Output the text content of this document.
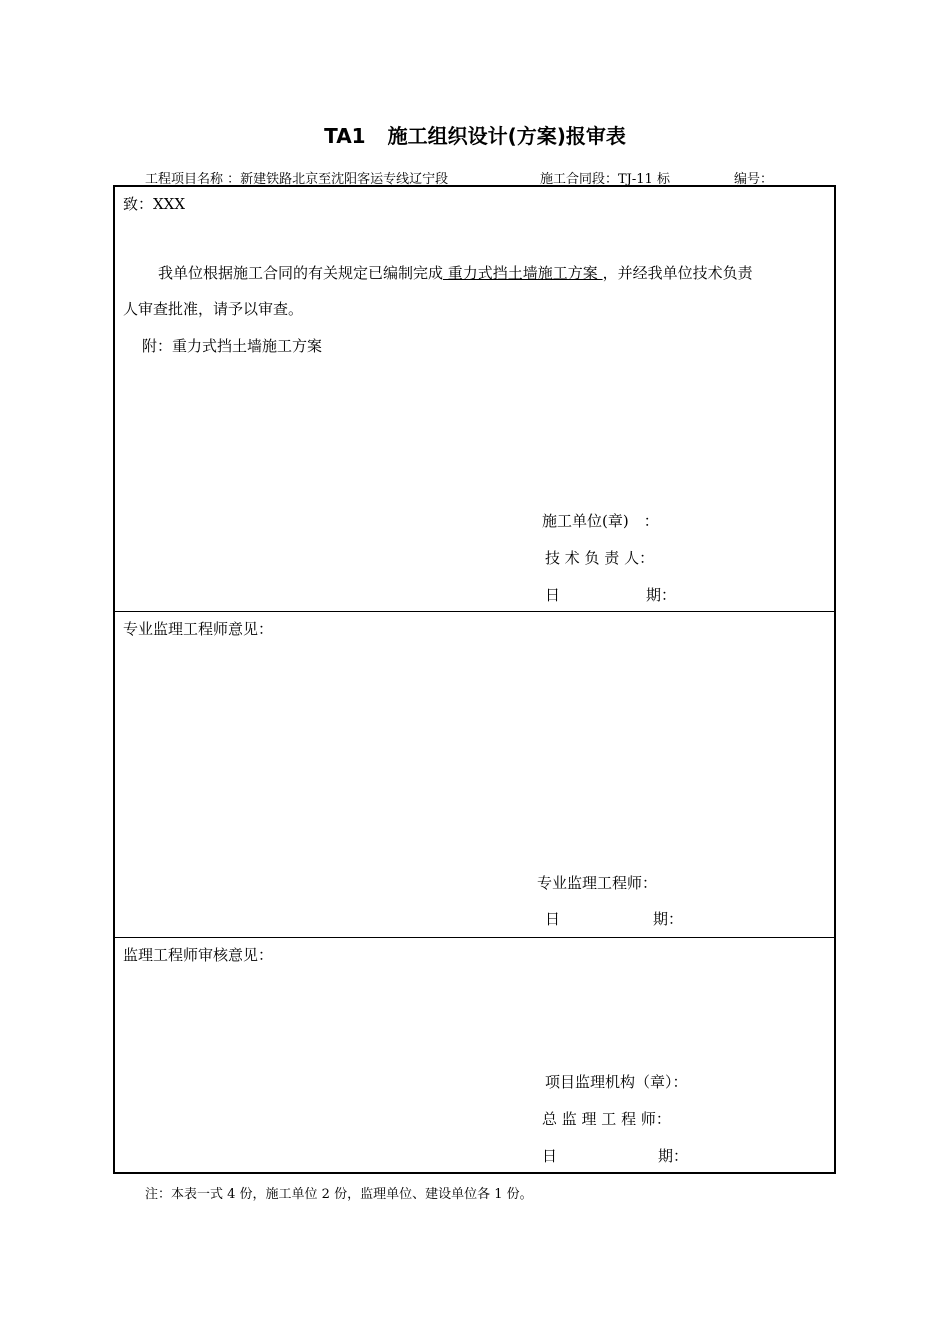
TA1 施工组织设计(方案)报审表
工程项目名称 ：新建铁路北京至沈阳客运专线辽宁段	施工合同段：TJ-11 标	编号：
致：XXX
我单位根据施工合同的有关规定已编制完成 重力式挡土墙施工方案 ，并经我单位技术负责
人审查批准，请予以审查。
附：重力式挡土墙施工方案
施工单位(章)　：
技 术 负 责 人：
日	期：
专业监理工程师意见：
专业监理工程师：
日	期：
监理工程师审核意见：
项目监理机构（章）：
总 监 理 工 程 师：
日	期：
注：本表一式 4 份，施工单位 2 份，监理单位、建设单位各 1 份。
